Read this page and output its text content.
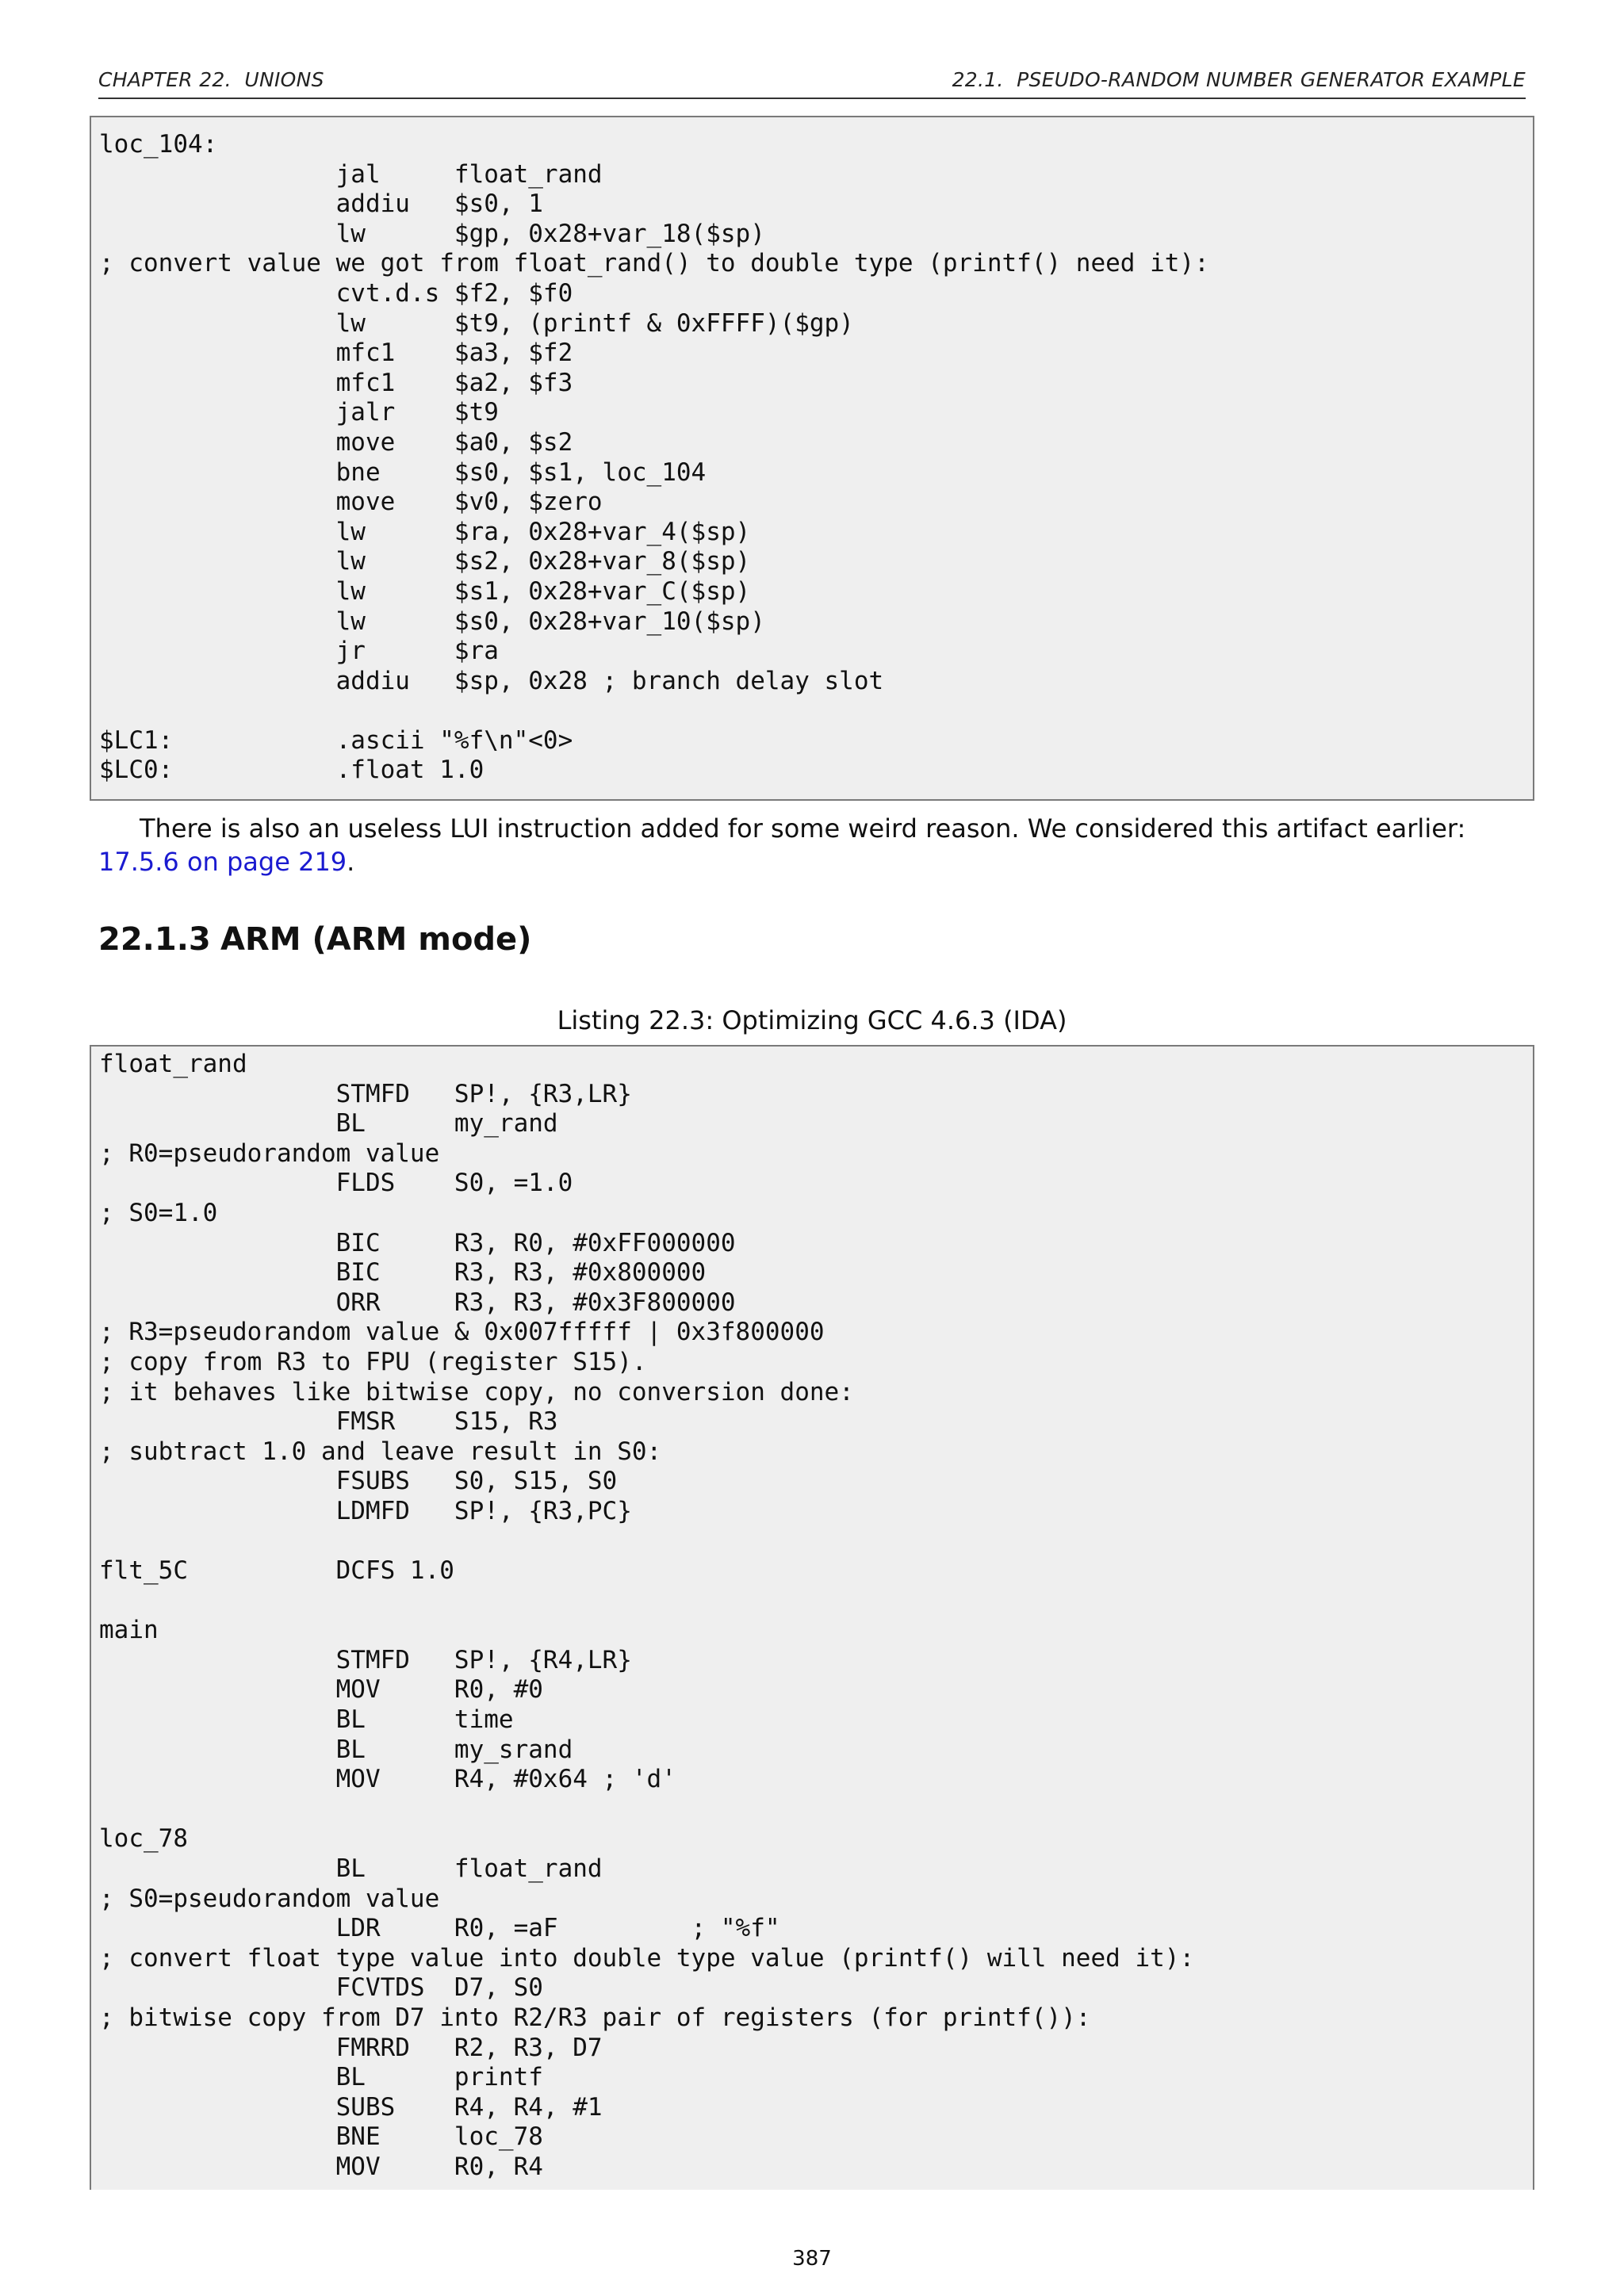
CHAPTER 22.  UNIONS	22.1.  PSEUDO-RANDOM NUMBER GENERATOR EXAMPLE
loc_104:
jal     float_rand
addiu   $s0, 1
lw      $gp, 0x28+var_18($sp)
; convert value we got from float_rand() to double type (printf() need it):
cvt.d.s $f2, $f0
lw      $t9, (printf & 0xFFFF)($gp)
mfc1    $a3, $f2
mfc1    $a2, $f3
jalr    $t9
move    $a0, $s2
bne     $s0, $s1, loc_104
move    $v0, $zero
lw      $ra, 0x28+var_4($sp)
lw      $s2, 0x28+var_8($sp)
lw      $s1, 0x28+var_C($sp)
lw      $s0, 0x28+var_10($sp)
jr      $ra
addiu   $sp, 0x28 ; branch delay slot

$LC1:           .ascii "%f\n"<0>
$LC0:           .float 1.0
There is also an useless LUI instruction added for some weird reason. We considered this artifact earlier: 17.5.6 on page 219.
22.1.3 ARM (ARM mode)
Listing 22.3: Optimizing GCC 4.6.3 (IDA)
float_rand
STMFD   SP!, {R3,LR}
BL      my_rand
; R0=pseudorandom value
FLDS    S0, =1.0
; S0=1.0
BIC     R3, R0, #0xFF000000
BIC     R3, R3, #0x800000
ORR     R3, R3, #0x3F800000
; R3=pseudorandom value & 0x007fffff | 0x3f800000
; copy from R3 to FPU (register S15).
; it behaves like bitwise copy, no conversion done:
FMSR    S15, R3
; subtract 1.0 and leave result in S0:
FSUBS   S0, S15, S0
LDMFD   SP!, {R3,PC}

flt_5C          DCFS 1.0

main
STMFD   SP!, {R4,LR}
MOV     R0, #0
BL      time
BL      my_srand
MOV     R4, #0x64 ; 'd'

loc_78
BL      float_rand
; S0=pseudorandom value
LDR     R0, =aF         ; "%f"
; convert float type value into double type value (printf() will need it):
FCVTDS  D7, S0
; bitwise copy from D7 into R2/R3 pair of registers (for printf()):
FMRRD   R2, R3, D7
BL      printf
SUBS    R4, R4, #1
BNE     loc_78
MOV     R0, R4
387
